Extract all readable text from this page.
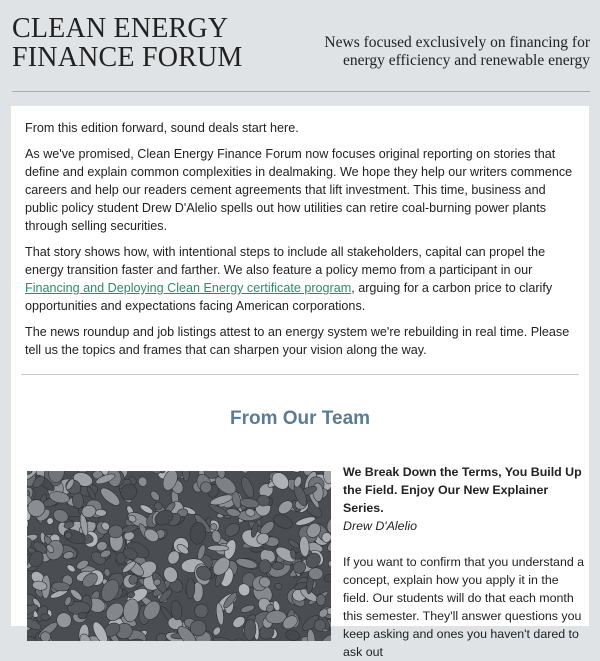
CLEAN ENERGY
FINANCE FORUM	News focused exclusively on financing for
energy efficiency and renewable energy

From this edition forward, sound deals start here.

As we've promised, Clean Energy Finance Forum now focuses original reporting on stories that define and explain common complexities in dealmaking. We hope they help our writers commence careers and help our readers cement agreements that lift investment. This time, business and public policy student Drew D'Alelio spells out how utilities can retire coal-burning power plants through selling securities.

That story shows how, with intentional steps to include all stakeholders, capital can propel the energy transition faster and farther. We also feature a policy memo from a participant in our Financing and Deploying Clean Energy certificate program, arguing for a carbon price to clarify opportunities and expectations facing American corporations.

The news roundup and job listings attest to an energy system we're rebuilding in real time. Please tell us the topics and frames that can sharpen your vision along the way.

From Our Team
We Break Down the Terms, You Build Up the Field. Enjoy Our New Explainer Series.
Drew D'Alelio
If you want to confirm that you understand a concept, explain how you apply it in the field. Our students will do that each month this semester. They'll answer questions you keep asking and ones you haven't dared to ask out
